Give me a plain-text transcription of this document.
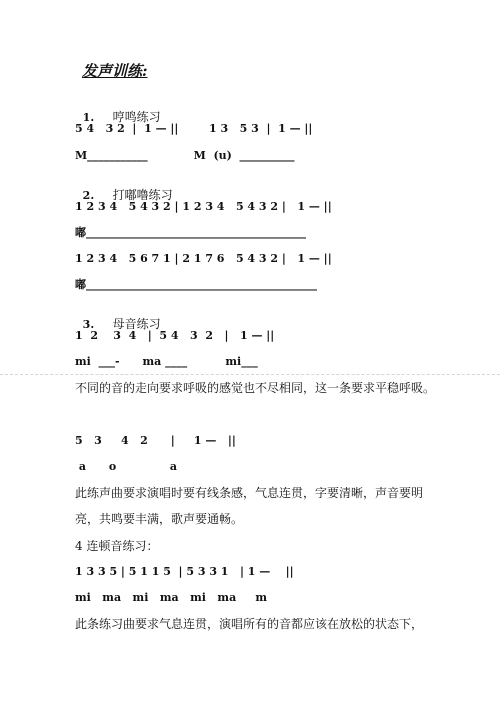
发声训练:

1. 哼鸣练习

5 4   3 2  |  1 — ||        1 3   5 3  |  1 — ||
M___________            M  (u)  __________

2. 打嘟噜练习

1 2 3 4   5 4 3 2 | 1 2 3 4   5 4 3 2 |   1 — ||
嘟________________________________________
1 2 3 4   5 6 7 1 | 2 1 7 6   5 4 3 2 |   1 — ||
嘟__________________________________________

3. 母音练习

1  2    3  4   |  5 4   3  2   |   1 — ||
mi  ___-      ma ____          mi___
不同的音的走向要求呼吸的感觉也不尽相同，这一条要求平稳呼吸。
5   3     4   2      |     1 —   ||
a      o              a
此练声曲要求演唱时要有线条感，气息连贯，字要清晰，声音要明
亮，共鸣要丰满，歌声要通畅。
4 连顿音练习：
1 3 3 5 | 5 1 1 5  | 5 3 3 1   | 1 —    ||
mi   ma   mi   ma   mi   ma     m
此条练习曲要求气息连贯，演唱所有的音都应该在放松的状态下，
